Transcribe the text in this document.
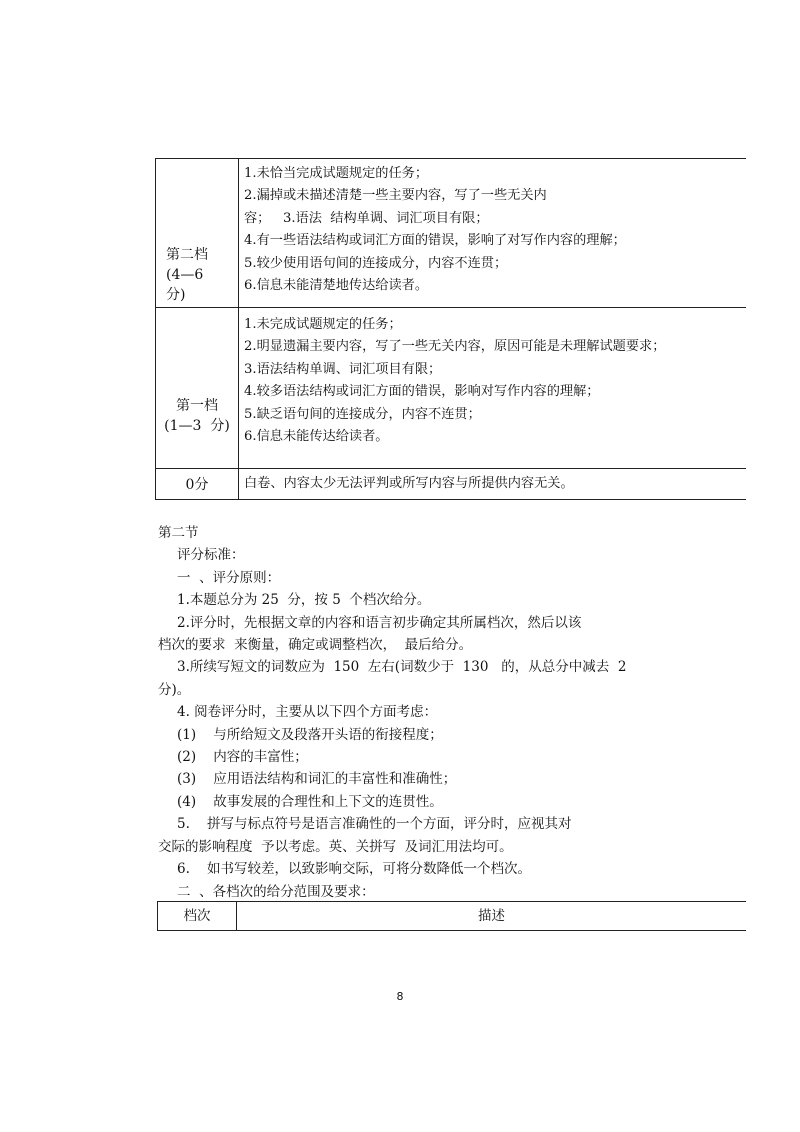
第二档
(4—6
分)
1.未恰当完成试题规定的任务；
2.漏掉或未描述清楚一些主要内容，写了一些无关内
容；   3.语法  结构单调、词汇项目有限；
4.有一些语法结构或词汇方面的错误，影响了对写作内容的理解；
5.较少使用语句间的连接成分，内容不连贯；
6.信息未能清楚地传达给读者。
第一档
(1—3  分)
1.未完成试题规定的任务；
2.明显遗漏主要内容，写了一些无关内容，原因可能是未理解试题要求；
3.语法结构单调、词汇项目有限；
4.较多语法结构或词汇方面的错误，影响对写作内容的理解；
5.缺乏语句间的连接成分，内容不连贯；
6.信息未能传达给读者。
0分	白卷、内容太少无法评判或所写内容与所提供内容无关。

第二节

评分标准：

一  、评分原则：

1.本题总分为 25  分，按 5  个档次给分。

2.评分时，先根据文章的内容和语言初步确定其所属档次，然后以该

档次的要求  来衡量，确定或调整档次，  最后给分。

3.所续写短文的词数应为  150  左右(词数少于  130   的，从总分中减去  2

分)。

4. 阅卷评分时，主要从以下四个方面考虑：

(1)    与所给短文及段落开头语的衔接程度；

(2)    内容的丰富性；

(3)    应用语法结构和词汇的丰富性和准确性；

(4)    故事发展的合理性和上下文的连贯性。

5.    拼写与标点符号是语言准确性的一个方面，评分时，应视其对

交际的影响程度  予以考虑。英、关拼写  及词汇用法均可。

6.    如书写较差，以致影响交际，可将分数降低一个档次。

二  、各档次的给分范围及要求：

档次	描述
8
